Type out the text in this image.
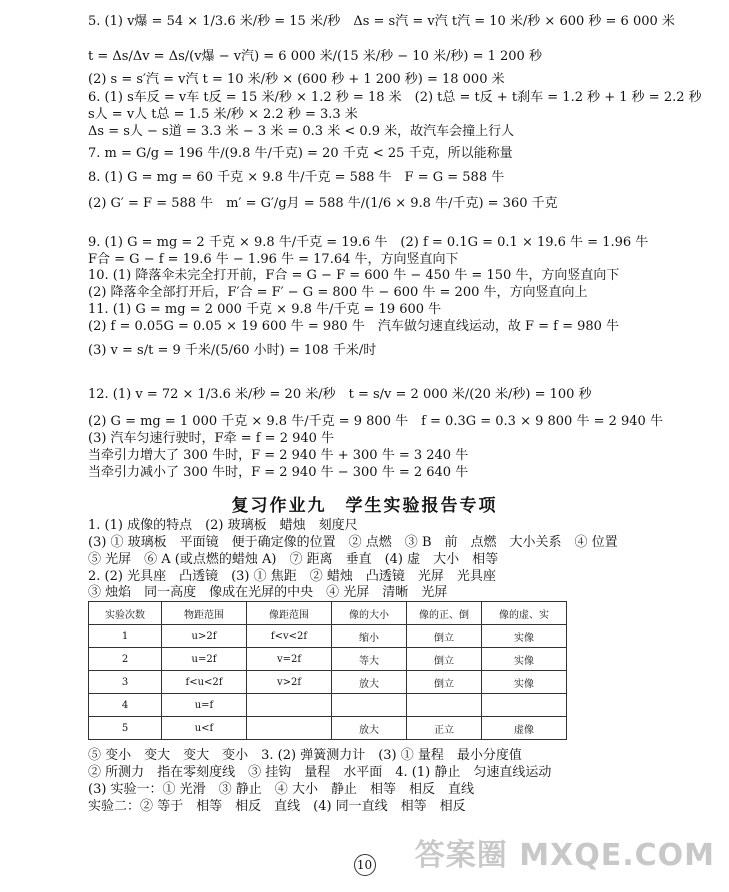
5. (1) v爆 = 54 × 1/3.6 米/秒 = 15 米/秒　Δs = s汽 = v汽 t汽 = 10 米/秒 × 600 秒 = 6 000 米
t = Δs/Δv = Δs/(v爆 − v汽) = 6 000 米/(15 米/秒 − 10 米/秒) = 1 200 秒
(2) s = s′汽 = v汽 t = 10 米/秒 × (600 秒 + 1 200 秒) = 18 000 米
6. (1) s车反 = v车 t反 = 15 米/秒 × 1.2 秒 = 18 米　(2) t总 = t反 + t刹车 = 1.2 秒 + 1 秒 = 2.2 秒
s人 = v人 t总 = 1.5 米/秒 × 2.2 秒 = 3.3 米
Δs = s人 − s道 = 3.3 米 − 3 米 = 0.3 米 < 0.9 米，故汽车会撞上行人
7. m = G/g = 196 牛/(9.8 牛/千克) = 20 千克 < 25 千克，所以能称量
8. (1) G = mg = 60 千克 × 9.8 牛/千克 = 588 牛　F = G = 588 牛
(2) G′ = F = 588 牛　m′ = G′/g月 = 588 牛/(1/6 × 9.8 牛/千克) = 360 千克
9. (1) G = mg = 2 千克 × 9.8 牛/千克 = 19.6 牛　(2) f = 0.1G = 0.1 × 19.6 牛 = 1.96 牛
F合 = G − f = 19.6 牛 − 1.96 牛 = 17.64 牛，方向竖直向下
10. (1) 降落伞未完全打开前，F合 = G − F = 600 牛 − 450 牛 = 150 牛，方向竖直向下
(2) 降落伞全部打开后，F′合 = F′ − G = 800 牛 − 600 牛 = 200 牛，方向竖直向上
11. (1) G = mg = 2 000 千克 × 9.8 牛/千克 = 19 600 牛
(2) f = 0.05G = 0.05 × 19 600 牛 = 980 牛　汽车做匀速直线运动，故 F = f = 980 牛
(3) v = s/t = 9 千米/(5/60 小时) = 108 千米/时
12. (1) v = 72 × 1/3.6 米/秒 = 20 米/秒　t = s/v = 2 000 米/(20 米/秒) = 100 秒
(2) G = mg = 1 000 千克 × 9.8 牛/千克 = 9 800 牛　f = 0.3G = 0.3 × 9 800 牛 = 2 940 牛
(3) 汽车匀速行驶时，F牵 = f = 2 940 牛
当牵引力增大了 300 牛时，F = 2 940 牛 + 300 牛 = 3 240 牛
当牵引力减小了 300 牛时，F = 2 940 牛 − 300 牛 = 2 640 牛
1. (1) 成像的特点　(2) 玻璃板　蜡烛　刻度尺
(3) ① 玻璃板　平面镜　便于确定像的位置　② 点燃　③ B　前　点燃　大小关系　④ 位置
⑤ 光屏　⑥ A (或点燃的蜡烛 A)　⑦ 距离　垂直　(4) 虚　大小　相等
2. (2) 光具座　凸透镜　(3) ① 焦距　② 蜡烛　凸透镜　光屏　光具座
③ 烛焰　同一高度　像成在光屏的中央　④ 光屏　清晰　光屏
⑤ 变小　变大　变大　变小　3. (2) 弹簧测力计　(3) ① 量程　最小分度值
② 所测力　指在零刻度线　③ 挂钩　量程　水平面　4. (1) 静止　匀速直线运动
(3) 实验一：① 光滑　③ 静止　④ 大小　静止　相等　相反　直线
实验二：② 等于　相等　相反　直线　(4) 同一直线　相等　相反
复习作业九　学生实验报告专项
实验次数	物距范围	像距范围	像的大小	像的正、倒	像的虚、实
1	u>2f	f<v<2f	缩小	倒立	实像
2	u=2f	v=2f	等大	倒立	实像
3	f<u<2f	v>2f	放大	倒立	实像
4	u=f				
5	u<f		放大	正立	虚像
10	答案圈 MXQE.COM
